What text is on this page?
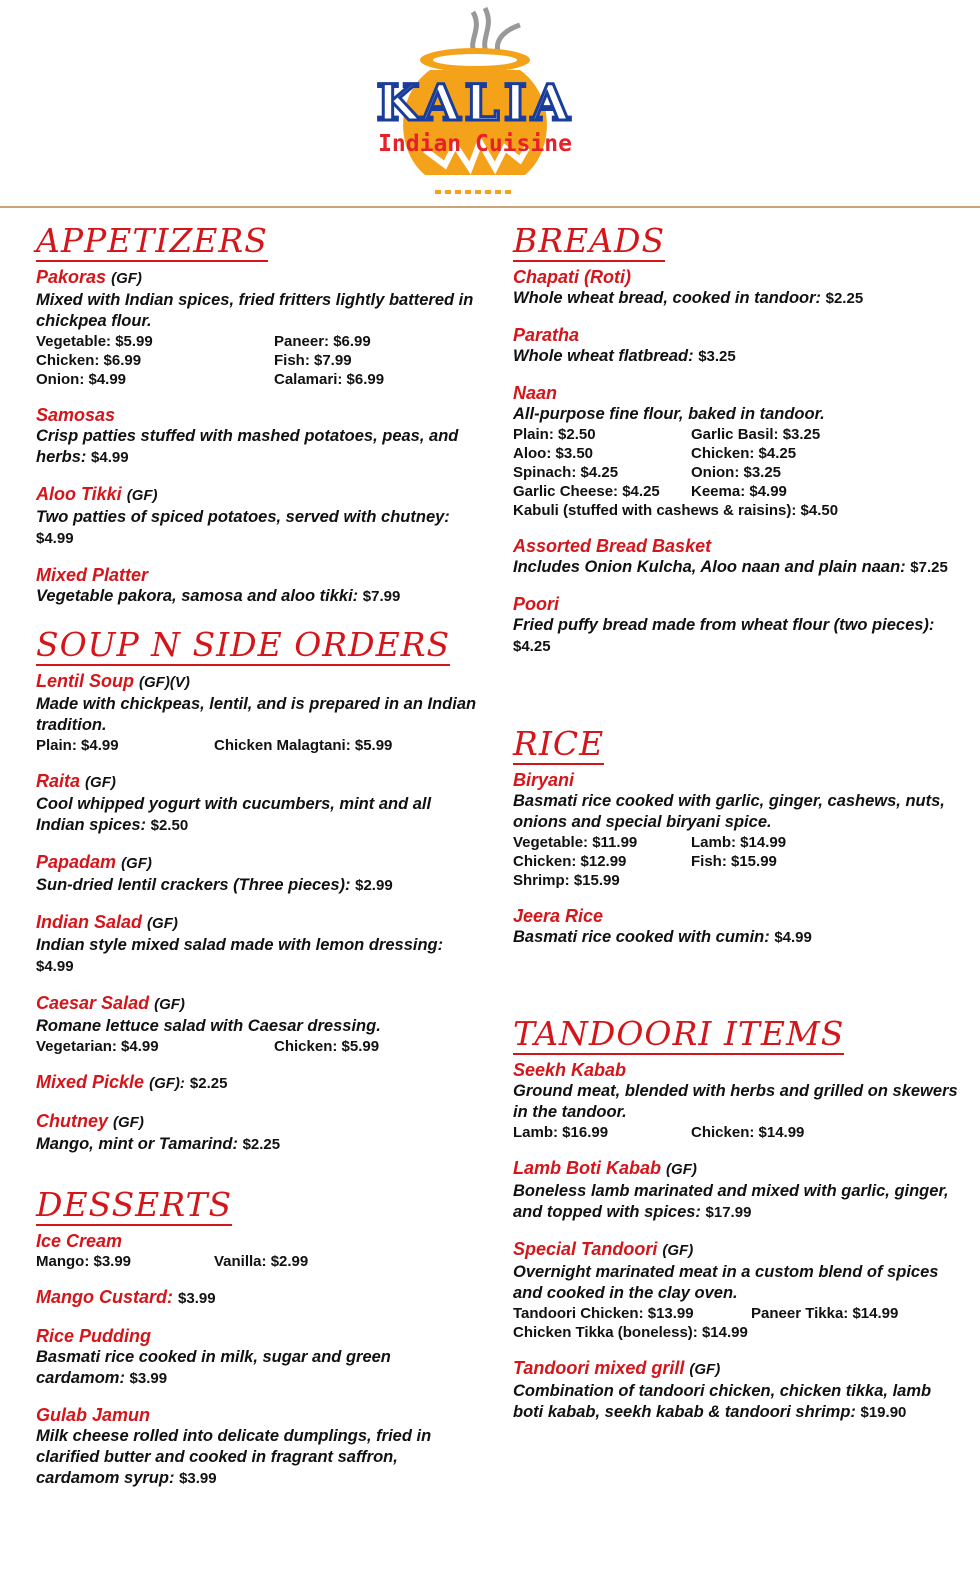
KALIA
Indian Cuisine
APPETIZERS
Pakoras (GF)
Mixed with Indian spices, fried fritters lightly battered in chickpea flour.
Vegetable: $5.99	Paneer: $6.99
Chicken: $6.99	Fish: $7.99
Onion: $4.99	Calamari: $6.99
Samosas
Crisp patties stuffed with mashed potatoes, peas, and herbs: $4.99
Aloo Tikki (GF)
Two patties of spiced potatoes, served with chutney: $4.99
Mixed Platter
Vegetable pakora, samosa and aloo tikki: $7.99
SOUP N SIDE ORDERS
Lentil Soup (GF)(V)
Made with chickpeas, lentil, and is prepared in an Indian tradition.
Plain: $4.99	Chicken Malagtani: $5.99
Raita (GF)
Cool whipped yogurt with cucumbers, mint and all Indian spices: $2.50
Papadam (GF)
Sun-dried lentil crackers (Three pieces): $2.99
Indian Salad (GF)
Indian style mixed salad made with lemon dressing: $4.99
Caesar Salad (GF)
Romane lettuce salad with Caesar dressing.
Vegetarian: $4.99	Chicken: $5.99
Mixed Pickle (GF): $2.25
Chutney (GF)
Mango, mint or Tamarind: $2.25
DESSERTS
Ice Cream
Mango: $3.99	Vanilla: $2.99
Mango Custard: $3.99
Rice Pudding
Basmati rice cooked in milk, sugar and green cardamom: $3.99
Gulab Jamun
Milk cheese rolled into delicate dumplings, fried in clarified butter and cooked in fragrant saffron, cardamom syrup: $3.99
BREADS
Chapati (Roti)
Whole wheat bread, cooked in tandoor: $2.25
Paratha
Whole wheat flatbread: $3.25
Naan
All-purpose fine flour, baked in tandoor.
Plain: $2.50	Garlic Basil: $3.25
Aloo: $3.50	Chicken: $4.25
Spinach: $4.25	Onion: $3.25
Garlic Cheese: $4.25	Keema: $4.99
Kabuli (stuffed with cashews & raisins): $4.50
Assorted Bread Basket
Includes Onion Kulcha, Aloo naan and plain naan: $7.25
Poori
Fried puffy bread made from wheat flour (two pieces): $4.25
RICE
Biryani
Basmati rice cooked with garlic, ginger, cashews, nuts, onions and special biryani spice.
Vegetable: $11.99	Lamb: $14.99
Chicken: $12.99	Fish: $15.99
Shrimp: $15.99
Jeera Rice
Basmati rice cooked with cumin: $4.99
TANDOORI ITEMS
Seekh Kabab
Ground meat, blended with herbs and grilled on skewers in the tandoor.
Lamb: $16.99	Chicken: $14.99
Lamb Boti Kabab (GF)
Boneless lamb marinated and mixed with garlic, ginger, and topped with spices: $17.99
Special Tandoori (GF)
Overnight marinated meat in a custom blend of spices and cooked in the clay oven.
Tandoori Chicken: $13.99	Paneer Tikka: $14.99
Chicken Tikka (boneless): $14.99
Tandoori mixed grill (GF)
Combination of tandoori chicken, chicken tikka, lamb boti kabab, seekh kabab & tandoori shrimp: $19.90
